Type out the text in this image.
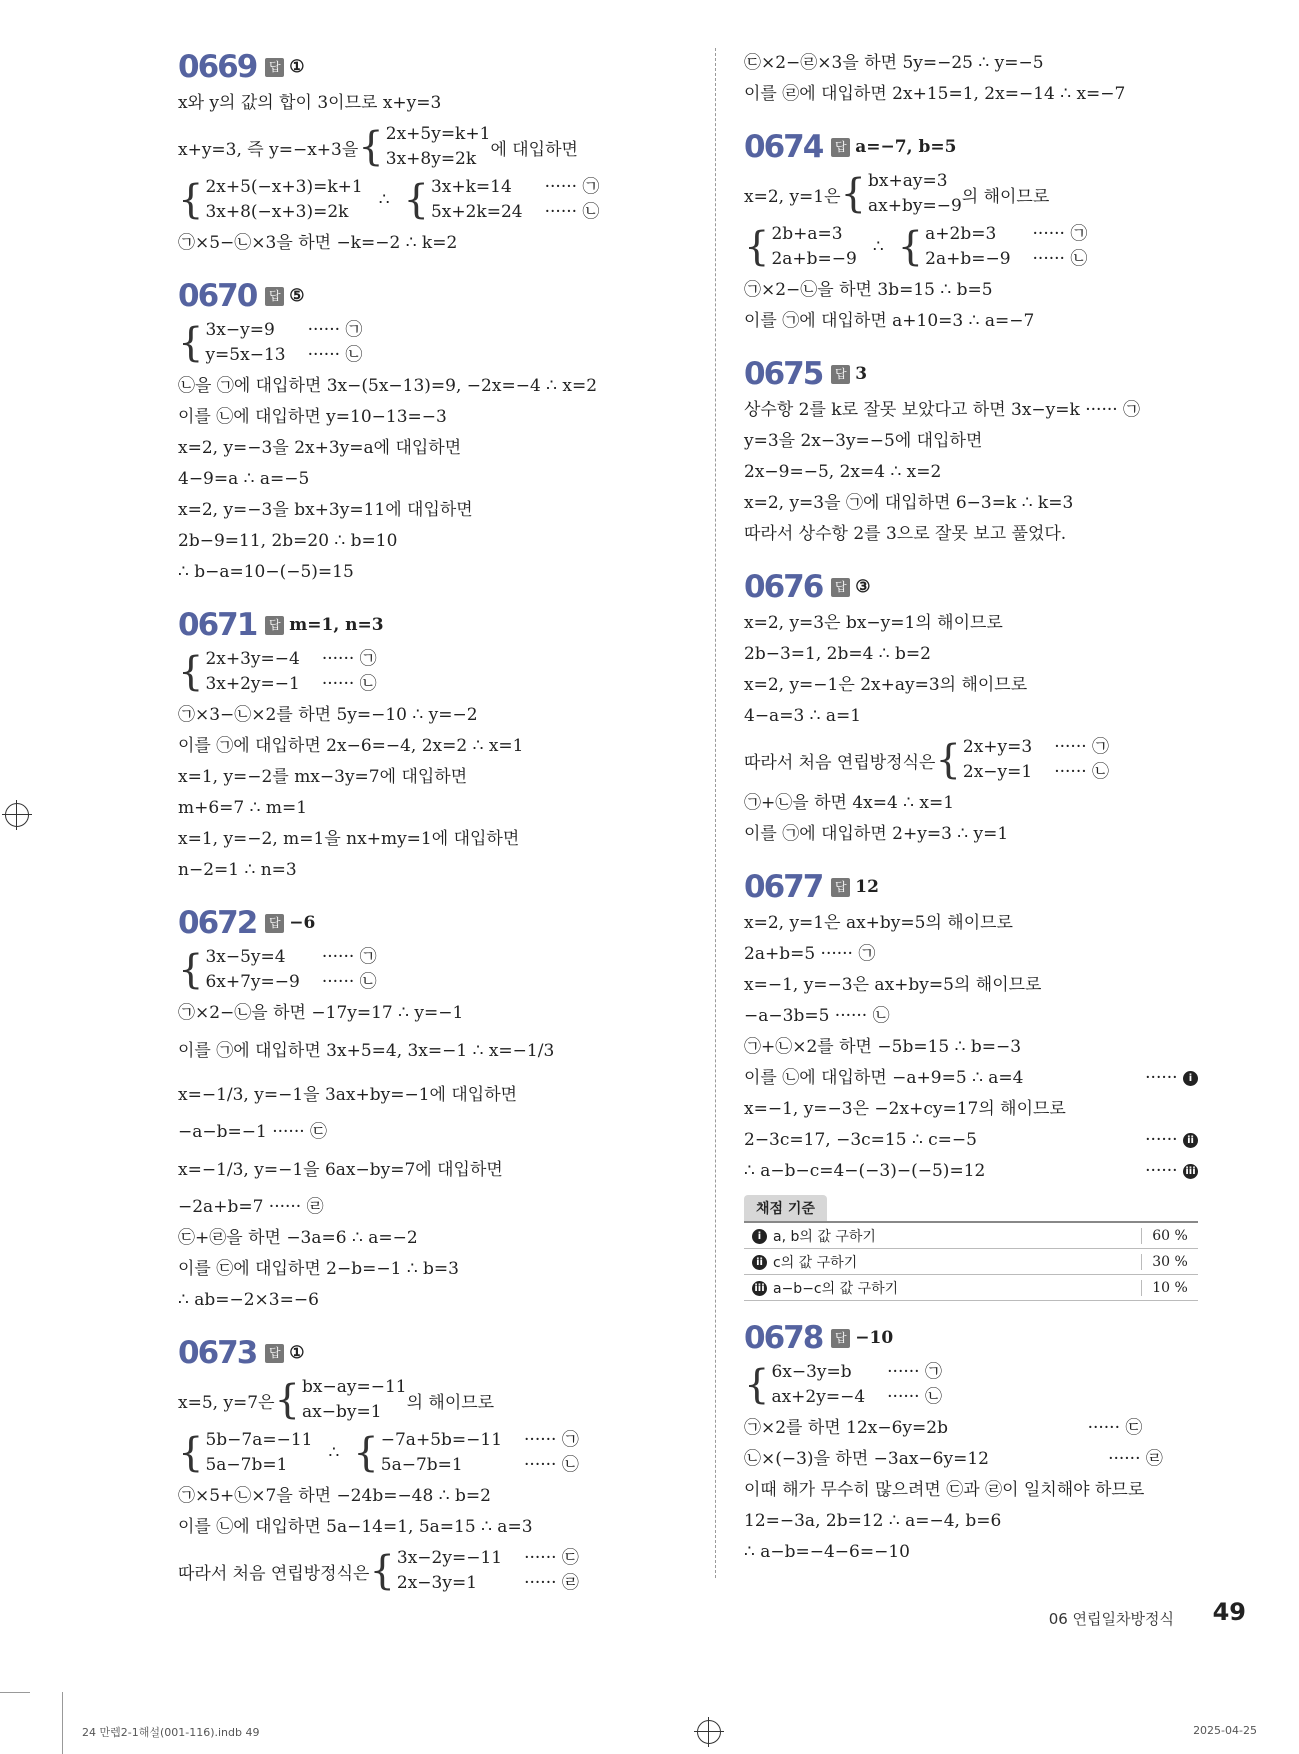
0669	답 ①
x와 y의 값의 합이 3이므로 x+y=3
x+y=3, 즉 y=−x+3을 { 2x+5y=k+1
3x+8y=2k 에 대입하면
{ 2x+5(−x+3)=k+1
3x+8(−x+3)=2k
∴ { 3x+k=14
5x+2k=24
······ ㉠
······ ㉡
㉠×5−㉡×3을 하면 −k=−2 ∴ k=2
0670	답 ⑤
{ 3x−y=9
y=5x−13
······ ㉠
······ ㉡
㉡을 ㉠에 대입하면 3x−(5x−13)=9, −2x=−4 ∴ x=2
이를 ㉡에 대입하면 y=10−13=−3
x=2, y=−3을 2x+3y=a에 대입하면
4−9=a ∴ a=−5
x=2, y=−3을 bx+3y=11에 대입하면
2b−9=11, 2b=20 ∴ b=10
∴ b−a=10−(−5)=15
0671	답 m=1, n=3
{ 2x+3y=−4
3x+2y=−1
······ ㉠
······ ㉡
㉠×3−㉡×2를 하면 5y=−10 ∴ y=−2
이를 ㉠에 대입하면 2x−6=−4, 2x=2 ∴ x=1
x=1, y=−2를 mx−3y=7에 대입하면
m+6=7 ∴ m=1
x=1, y=−2, m=1을 nx+my=1에 대입하면
n−2=1 ∴ n=3
0672	답 −6
{ 3x−5y=4
6x+7y=−9
······ ㉠
······ ㉡
㉠×2−㉡을 하면 −17y=17 ∴ y=−1
이를 ㉠에 대입하면 3x+5=4, 3x=−1 ∴ x=−1/3
x=−1/3, y=−1을 3ax+by=−1에 대입하면
−a−b=−1 ······ ㉢
x=−1/3, y=−1을 6ax−by=7에 대입하면
−2a+b=7 ······ ㉣
㉢+㉣을 하면 −3a=6 ∴ a=−2
이를 ㉢에 대입하면 2−b=−1 ∴ b=3
∴ ab=−2×3=−6
0673	답 ①
x=5, y=7은 { bx−ay=−11
ax−by=1	의 해이므로
{ 5b−7a=−11
5a−7b=1
∴ { −7a+5b=−11
5a−7b=1
······ ㉠
······ ㉡
㉠×5+㉡×7을 하면 −24b=−48 ∴ b=2
이를 ㉡에 대입하면 5a−14=1, 5a=15 ∴ a=3
따라서 처음 연립방정식은 { 3x−2y=−11
2x−3y=1
······ ㉢
······ ㉣
㉢×2−㉣×3을 하면 5y=−25 ∴ y=−5
이를 ㉣에 대입하면 2x+15=1, 2x=−14 ∴ x=−7
0674	답 a=−7, b=5
x=2, y=1은 { bx+ay=3
ax+by=−9 의 해이므로
{ 2b+a=3
2a+b=−9
∴ { a+2b=3
2a+b=−9
······ ㉠
······ ㉡
㉠×2−㉡을 하면 3b=15 ∴ b=5
이를 ㉠에 대입하면 a+10=3 ∴ a=−7
0675	답 3
상수항 2를 k로 잘못 보았다고 하면 3x−y=k ······ ㉠
y=3을 2x−3y=−5에 대입하면
2x−9=−5, 2x=4 ∴ x=2
x=2, y=3을 ㉠에 대입하면 6−3=k ∴ k=3
따라서 상수항 2를 3으로 잘못 보고 풀었다.
0676	답 ③
x=2, y=3은 bx−y=1의 해이므로
2b−3=1, 2b=4 ∴ b=2
x=2, y=−1은 2x+ay=3의 해이므로
4−a=3 ∴ a=1
따라서 처음 연립방정식은 { 2x+y=3
2x−y=1
······ ㉠
······ ㉡
㉠+㉡을 하면 4x=4 ∴ x=1
이를 ㉠에 대입하면 2+y=3 ∴ y=1
0677	답 12
x=2, y=1은 ax+by=5의 해이므로
2a+b=5 ······ ㉠
x=−1, y=−3은 ax+by=5의 해이므로
−a−3b=5 ······ ㉡
㉠+㉡×2를 하면 −5b=15 ∴ b=−3
이를 ㉡에 대입하면 −a+9=5 ∴ a=4	······ i
x=−1, y=−3은 −2x+cy=17의 해이므로
2−3c=17, −3c=15 ∴ c=−5	······ ii
∴ a−b−c=4−(−3)−(−5)=12	······ iii
채점 기준
i a, b의 값 구하기	60 %
ii c의 값 구하기	30 %
iii a−b−c의 값 구하기	10 %
0678	답 −10
{ 6x−3y=b
ax+2y=−4
······ ㉠
······ ㉡
㉠×2를 하면 12x−6y=2b	······ ㉢
㉡×(−3)을 하면 −3ax−6y=12	······ ㉣
이때 해가 무수히 많으려면 ㉢과 ㉣이 일치해야 하므로
12=−3a, 2b=12 ∴ a=−4, b=6
∴ a−b=−4−6=−10
06 연립일차방정식 49
24 만렙2-1해설(001-116).indb 49	2025-04-25
